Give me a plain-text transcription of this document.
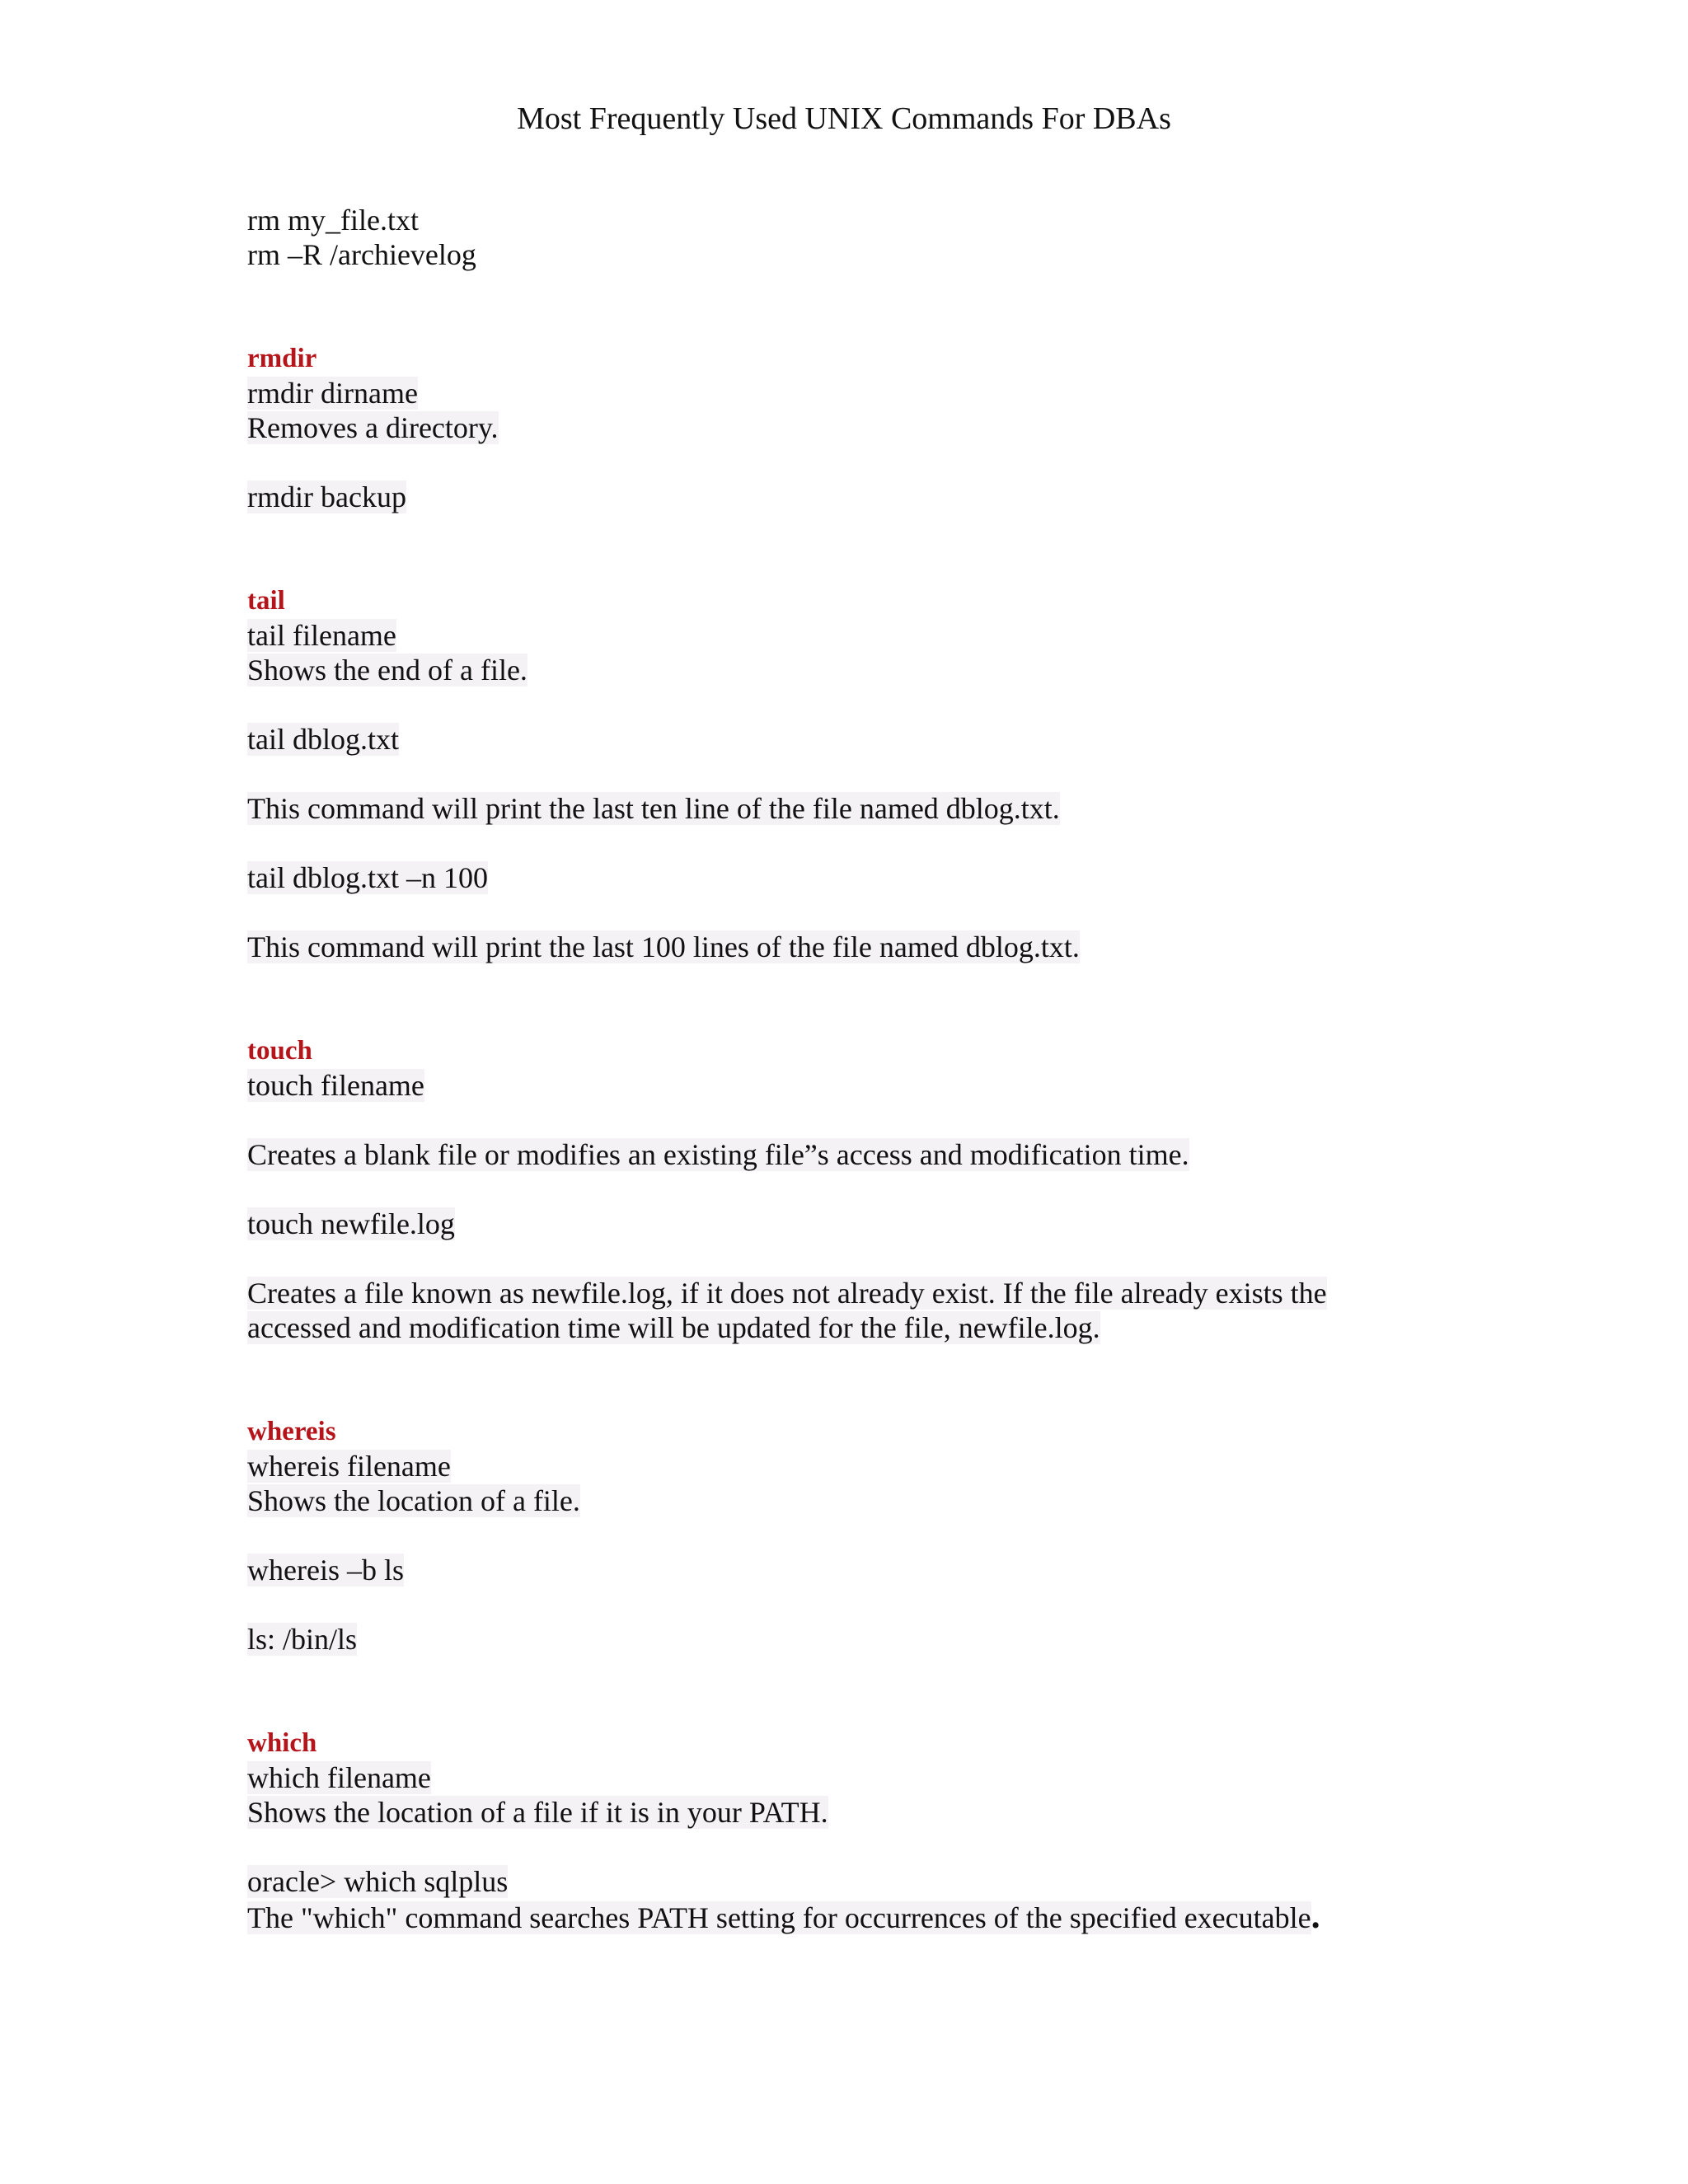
Most Frequently Used UNIX Commands For DBAs
rm my_file.txt
rm –R /archievelog
rmdir
rmdir dirname
Removes a directory.
rmdir backup
tail
tail filename
Shows the end of a file.
tail dblog.txt
This command will print the last ten line of the file named dblog.txt.
tail dblog.txt –n 100
This command will print the last 100 lines of the file named dblog.txt.
touch
touch filename
Creates a blank file or modifies an existing file”s access and modification time.
touch newfile.log
Creates a file known as newfile.log, if it does not already exist. If the file already exists the
accessed and modification time will be updated for the file, newfile.log.
whereis
whereis filename
Shows the location of a file.
whereis –b ls
ls: /bin/ls
which
which filename
Shows the location of a file if it is in your PATH.
oracle> which sqlplus
The "which" command searches PATH setting for occurrences of the specified executable.
